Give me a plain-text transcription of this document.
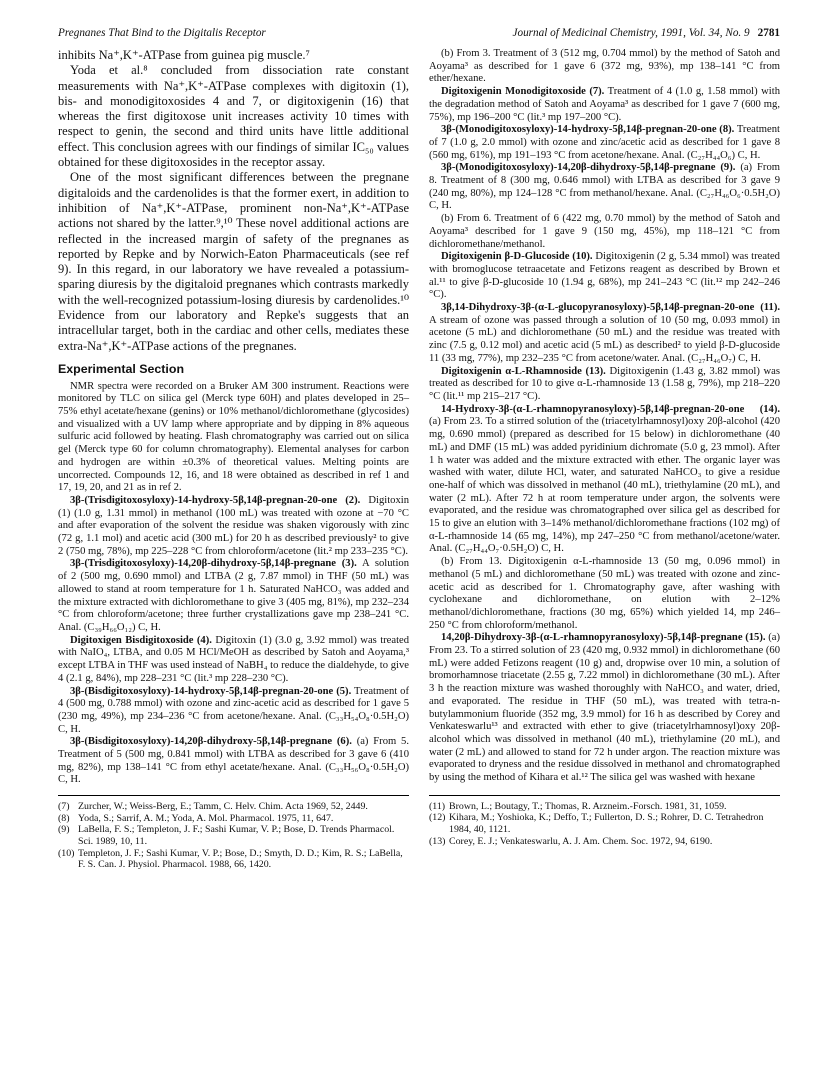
Pregnanes That Bind to the Digitalis Receptor	Journal of Medicinal Chemistry, 1991, Vol. 34, No. 9 2781

inhibits Na⁺,K⁺-ATPase from guinea pig muscle.⁷

Yoda et al.⁸ concluded from dissociation rate constant measurements with Na⁺,K⁺-ATPase complexes with digitoxin (1), bis- and monodigitoxosides 4 and 7, or digitoxigenin (16) that whereas the first digitoxose unit increases activity 10 times with respect to genin, the second and third units have little additional effect. This conclusion agrees with our findings of similar IC₅₀ values obtained for these digitoxosides in the receptor assay.

One of the most significant differences between the pregnane digitaloids and the cardenolides is that the former exert, in addition to inhibition of Na⁺,K⁺-ATPase, prominent non-Na⁺,K⁺-ATPase actions not shared by the latter.⁹,¹⁰ These novel additional actions are reflected in the increased margin of safety of the pregnanes as reported by Repke and by Norwich-Eaton Pharmaceuticals (see ref 9). In this regard, in our laboratory we have revealed a potassium-sparing diuresis by the digitaloid pregnanes which contrasts markedly with the well-recognized potassium-losing diuresis by cardenolides.¹⁰ Evidence from our laboratory and Repke's suggests that an intracellular target, both in the cardiac and other cells, mediates these extra-Na⁺,K⁺-ATPase actions of the pregnanes.

Experimental Section

NMR spectra were recorded on a Bruker AM 300 instrument. Reactions were monitored by TLC on silica gel (Merck type 60H) and plates developed in 25–75% ethyl acetate/hexane (genins) or 10% methanol/dichloromethane (glycosides) and visualized with a UV lamp where appropriate and by dipping in 8% aqueous sulfuric acid followed by heating. Flash chromatography was carried out on silica gel (Merck type 60 for column chromatography). Elemental analyses for carbon and hydrogen are within ±0.3% of theoretical values. Melting points are uncorrected. Compounds 12, 16, and 18 were obtained as described in ref 1 and 17, 19, 20, and 21 as in ref 2.

3β-(Trisdigitoxosyloxy)-14-hydroxy-5β,14β-pregnan-20-one (2). Digitoxin (1) (1.0 g, 1.31 mmol) in methanol (100 mL) was treated with ozone at −70 °C and after evaporation of the solvent the residue was shaken vigorously with zinc (72 g, 1.1 mol) and acetic acid (300 mL) for 20 h as described previously² to give 2 (750 mg, 78%), mp 225–228 °C from chloroform/acetone (lit.² mp 233–235 °C).

3β-(Trisdigitoxosyloxy)-14,20β-dihydroxy-5β,14β-pregnane (3). A solution of 2 (500 mg, 0.690 mmol) and LTBA (2 g, 7.87 mmol) in THF (50 mL) was allowed to stand at room temperature for 1 h. Saturated NaHCO₃ was added and the mixture extracted with dichloromethane to give 3 (405 mg, 81%), mp 232–234 °C from chloroform/acetone; three further crystallizations gave mp 238–241 °C. Anal. (C₃₉H₆₆O₁₂) C, H.

Digitoxigen Bisdigitoxoside (4). Digitoxin (1) (3.0 g, 3.92 mmol) was treated with NaIO₄, LTBA, and 0.05 M HCl/MeOH as described by Satoh and Aoyama,³ except LTBA in THF was used instead of NaBH₄ to reduce the dialdehyde, to give 4 (2.1 g, 84%), mp 228–231 °C (lit.³ mp 228–230 °C).

3β-(Bisdigitoxosyloxy)-14-hydroxy-5β,14β-pregnan-20-one (5). Treatment of 4 (500 mg, 0.788 mmol) with ozone and zinc-acetic acid as described for 1 gave 5 (230 mg, 49%), mp 234–236 °C from acetone/hexane. Anal. (C₃₃H₅₄O₈·0.5H₂O) C, H.

3β-(Bisdigitoxosyloxy)-14,20β-dihydroxy-5β,14β-pregnane (6). (a) From 5. Treatment of 5 (500 mg, 0.841 mmol) with LTBA as described for 3 gave 6 (410 mg, 82%), mp 138–141 °C from ethyl acetate/hexane. Anal. (C₃₃H₅₆O₈·0.5H₂O) C, H.

(7) Zurcher, W.; Weiss-Berg, E.; Tamm, C. Helv. Chim. Acta 1969, 52, 2449.
(8) Yoda, S.; Sarrif, A. M.; Yoda, A. Mol. Pharmacol. 1975, 11, 647.
(9) LaBella, F. S.; Templeton, J. F.; Sashi Kumar, V. P.; Bose, D. Trends Pharmacol. Sci. 1989, 10, 11.
(10) Templeton, J. F.; Sashi Kumar, V. P.; Bose, D.; Smyth, D. D.; Kim, R. S.; LaBella, F. S. Can. J. Physiol. Pharmacol. 1988, 66, 1420.

(b) From 3. Treatment of 3 (512 mg, 0.704 mmol) by the method of Satoh and Aoyama³ as described for 1 gave 6 (372 mg, 93%), mp 138–141 °C from ether/hexane.

Digitoxigenin Monodigitoxoside (7). Treatment of 4 (1.0 g, 1.58 mmol) with the degradation method of Satoh and Aoyama³ as described for 1 gave 7 (600 mg, 75%), mp 196–200 °C (lit.³ mp 197–200 °C).

3β-(Monodigitoxosyloxy)-14-hydroxy-5β,14β-pregnan-20-one (8). Treatment of 7 (1.0 g, 2.0 mmol) with ozone and zinc/acetic acid as described for 1 gave 8 (560 mg, 61%), mp 191–193 °C from acetone/hexane. Anal. (C₂₇H₄₄O₆) C, H.

3β-(Monodigitoxosyloxy)-14,20β-dihydroxy-5β,14β-pregnane (9). (a) From 8. Treatment of 8 (300 mg, 0.646 mmol) with LTBA as described for 3 gave 9 (240 mg, 80%), mp 124–128 °C from methanol/hexane. Anal. (C₂₇H₄₆O₆·0.5H₂O) C, H.

(b) From 6. Treatment of 6 (422 mg, 0.70 mmol) by the method of Satoh and Aoyama³ described for 1 gave 9 (150 mg, 45%), mp 118–121 °C from dichloromethane/methanol.

Digitoxigenin β-D-Glucoside (10). Digitoxigenin (2 g, 5.34 mmol) was treated with bromoglucose tetraacetate and Fetizons reagent as described by Brown et al.¹¹ to give β-D-glucoside 10 (1.94 g, 68%), mp 241–243 °C (lit.¹² mp 242–246 °C).

3β,14-Dihydroxy-3β-(α-L-glucopyranosyloxy)-5β,14β-pregnan-20-one (11). A stream of ozone was passed through a solution of 10 (50 mg, 0.093 mmol) in acetone (5 mL) and dichloromethane (50 mL) and the residue was treated with zinc (7.5 g, 0.12 mol) and acetic acid (5 mL) as described² to yield β-D-glucoside 11 (33 mg, 77%), mp 232–235 °C from acetone/water. Anal. (C₂₇H₄₆O₇) C, H.

Digitoxigenin α-L-Rhamnoside (13). Digitoxigenin (1.43 g, 3.82 mmol) was treated as described for 10 to give α-L-rhamnoside 13 (1.58 g, 79%), mp 218–220 °C (lit.¹¹ mp 215–217 °C).

14-Hydroxy-3β-(α-L-rhamnopyranosyloxy)-5β,14β-pregnan-20-one (14). (a) From 23. To a stirred solution of the (triacetylrhamnosyl)oxy 20β-alcohol (420 mg, 0.690 mmol) (prepared as described for 15 below) in dichloromethane (40 mL) and DMF (15 mL) was added pyridinium dichromate (5.0 g, 23 mmol). After 1 h water was added and the mixture extracted with ether. The organic layer was washed with water, dilute HCl, water, and saturated NaHCO₃ to give a residue one-half of which was dissolved in methanol (40 mL), triethylamine (20 mL), and water (2 mL). After 72 h at room temperature under argon, the solvents were evaporated, and the residue was chromatographed over silica gel as described for 15 to give an elution with 3–14% methanol/dichloromethane fractions (102 mg) of α-L-rhamnoside 14 (65 mg, 14%), mp 247–250 °C from methanol/acetone/water. Anal. (C₂₇H₄₄O₇·0.5H₂O) C, H.

(b) From 13. Digitoxigenin α-L-rhamnoside 13 (50 mg, 0.096 mmol) in methanol (5 mL) and dichloromethane (50 mL) was treated with ozone and zinc-acetic acid as described for 1. Chromatography gave, after washing with cyclohexane and dichloromethane, on elution with 2–12% methanol/dichloromethane, fractions (30 mg, 65%) which yielded 14, mp 246–250 °C from chloroform/methanol.

14,20β-Dihydroxy-3β-(α-L-rhamnopyranosyloxy)-5β,14β-pregnane (15). (a) From 23. To a stirred solution of 23 (420 mg, 0.932 mmol) in dichloromethane (60 mL) were added Fetizons reagent (10 g) and, dropwise over 10 min, a solution of bromorhamnose triacetate (2.55 g, 7.22 mmol) in dichloromethane (30 mL). After 3 h the reaction mixture was washed thoroughly with NaHCO₃ and water, dried, and evaporated. The residue in THF (50 mL), was treated with tetra-n-butylammonium fluoride (352 mg, 3.9 mmol) for 16 h as described by Corey and Venkateswarlu¹³ and extracted with ether to give (triacetylrhamnosyl)oxy 20β-alcohol which was dissolved in methanol (40 mL), triethylamine (20 mL), and water (2 mL) and allowed to stand for 72 h under argon. The reaction mixture was evaporated to dryness and the residue dissolved in methanol and chromatographed by using the method of Kihara et al.¹² The silica gel was washed with hexane

(11) Brown, L.; Boutagy, T.; Thomas, R. Arzneim.-Forsch. 1981, 31, 1059.
(12) Kihara, M.; Yoshioka, K.; Deffo, T.; Fullerton, D. S.; Rohrer, D. C. Tetrahedron 1984, 40, 1121.
(13) Corey, E. J.; Venkateswarlu, A. J. Am. Chem. Soc. 1972, 94, 6190.
